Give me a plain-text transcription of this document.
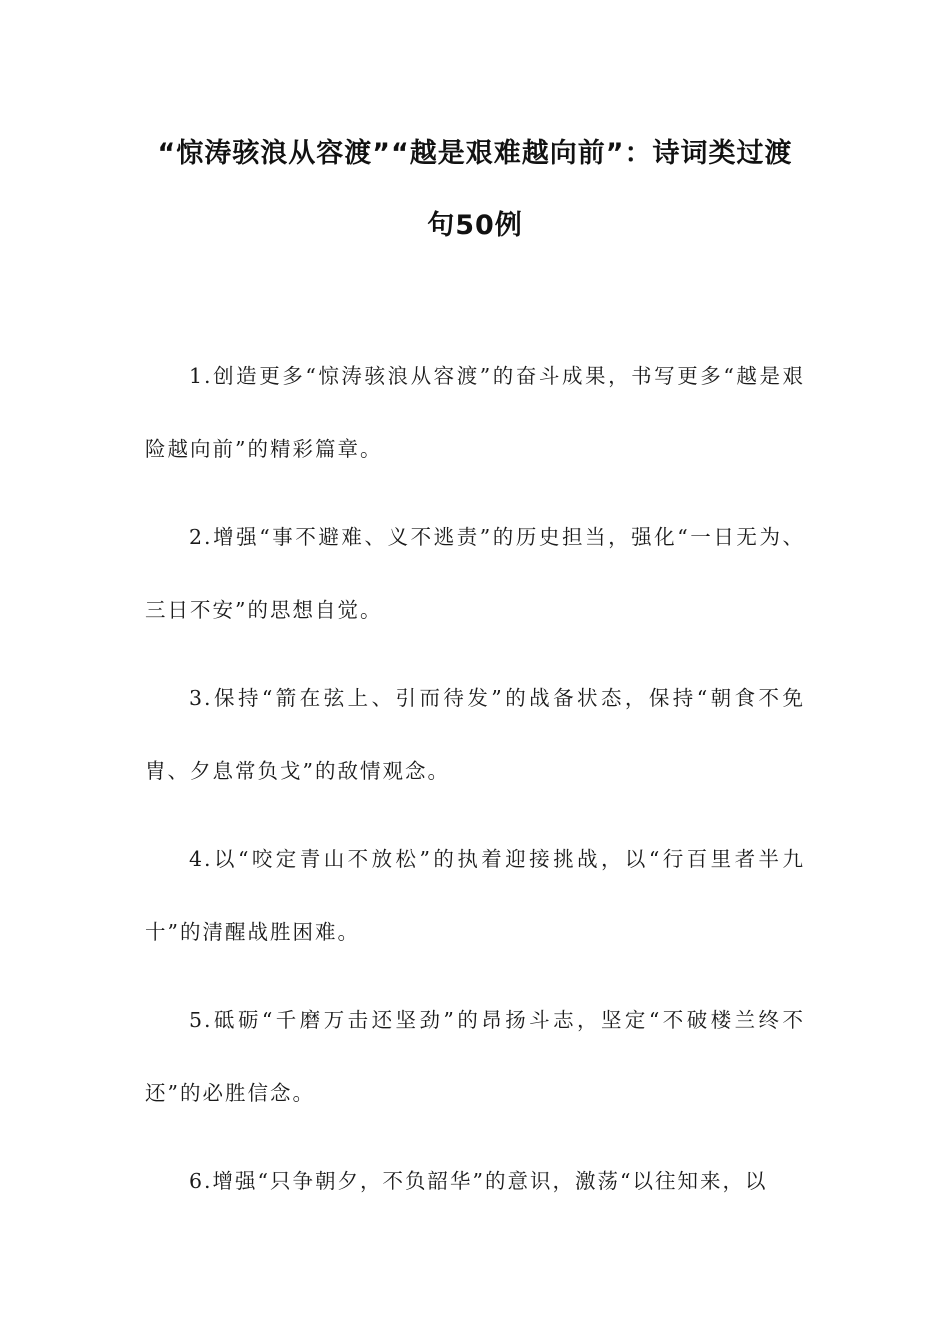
“惊涛骇浪从容渡”“越是艰难越向前”：诗词类过渡句50例

1.创造更多“惊涛骇浪从容渡”的奋斗成果，书写更多“越是艰险越向前”的精彩篇章。

2.增强“事不避难、义不逃责”的历史担当，强化“一日无为、三日不安”的思想自觉。

3.保持“箭在弦上、引而待发”的战备状态，保持“朝食不免胄、夕息常负戈”的敌情观念。

4.以“咬定青山不放松”的执着迎接挑战，以“行百里者半九十”的清醒战胜困难。

5.砥砺“千磨万击还坚劲”的昂扬斗志，坚定“不破楼兰终不还”的必胜信念。

6.增强“只争朝夕，不负韶华”的意识，激荡“以往知来，以
